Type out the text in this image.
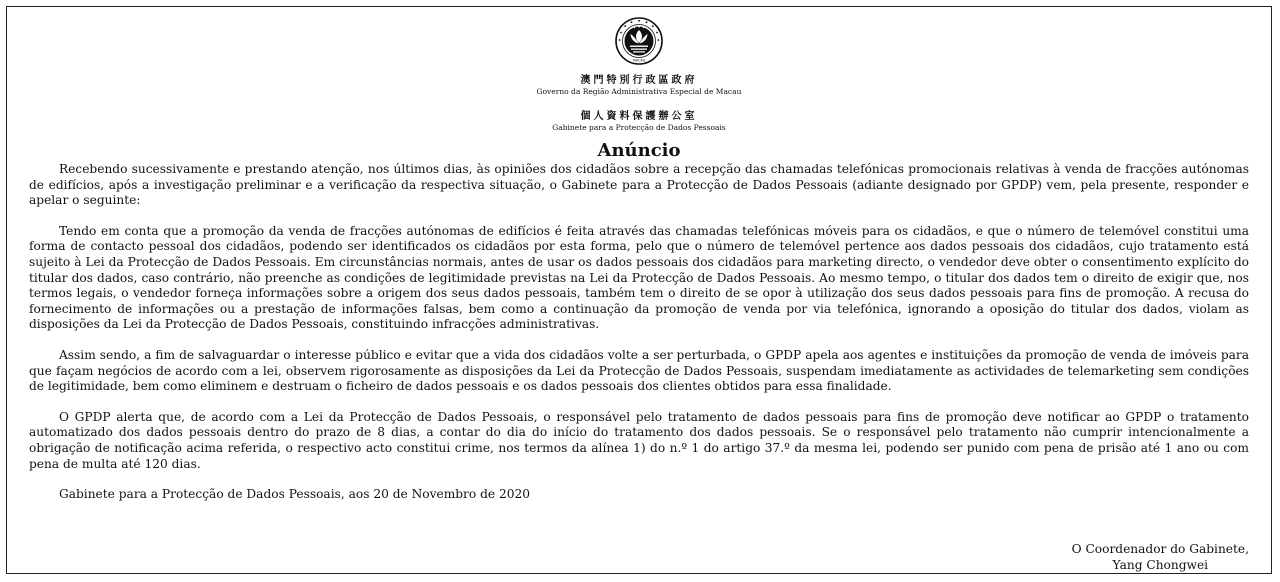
MACAU
澳門特別行政區政府
Governo da Região Administrativa Especial de Macau
個人資料保護辦公室
Gabinete para a Protecção de Dados Pessoais
Anúncio

Recebendo sucessivamente e prestando atenção, nos últimos dias, às opiniões dos cidadãos sobre a recepção das chamadas telefónicas promocionais relativas à venda de fracções autónomas de edifícios, após a investigação preliminar e a verificação da respectiva situação, o Gabinete para a Protecção de Dados Pessoais (adiante designado por GPDP) vem, pela presente, responder e apelar o seguinte:

Tendo em conta que a promoção da venda de fracções autónomas de edifícios é feita através das chamadas telefónicas móveis para os cidadãos, e que o número de telemóvel constitui uma forma de contacto pessoal dos cidadãos, podendo ser identificados os cidadãos por esta forma, pelo que o número de telemóvel pertence aos dados pessoais dos cidadãos, cujo tratamento está sujeito à Lei da Protecção de Dados Pessoais. Em circunstâncias normais, antes de usar os dados pessoais dos cidadãos para marketing directo, o vendedor deve obter o consentimento explícito do titular dos dados, caso contrário, não preenche as condições de legitimidade previstas na Lei da Protecção de Dados Pessoais. Ao mesmo tempo, o titular dos dados tem o direito de exigir que, nos termos legais, o vendedor forneça informações sobre a origem dos seus dados pessoais, também tem o direito de se opor à utilização dos seus dados pessoais para fins de promoção. A recusa do fornecimento de informações ou a prestação de informações falsas, bem como a continuação da promoção de venda por via telefónica, ignorando a oposição do titular dos dados, violam as disposições da Lei da Protecção de Dados Pessoais, constituindo infracções administrativas.

Assim sendo, a fim de salvaguardar o interesse público e evitar que a vida dos cidadãos volte a ser perturbada, o GPDP apela aos agentes e instituições da promoção de venda de imóveis para que façam negócios de acordo com a lei, observem rigorosamente as disposições da Lei da Protecção de Dados Pessoais, suspendam imediatamente as actividades de telemarketing sem condições de legitimidade, bem como eliminem e destruam o ficheiro de dados pessoais e os dados pessoais dos clientes obtidos para essa finalidade.

O GPDP alerta que, de acordo com a Lei da Protecção de Dados Pessoais, o responsável pelo tratamento de dados pessoais para fins de promoção deve notificar ao GPDP o tratamento automatizado dos dados pessoais dentro do prazo de 8 dias, a contar do dia do início do tratamento dos dados pessoais. Se o responsável pelo tratamento não cumprir intencionalmente a obrigação de notificação acima referida, o respectivo acto constitui crime, nos termos da alínea 1) do n.º 1 do artigo 37.º da mesma lei, podendo ser punido com pena de prisão até 1 ano ou com pena de multa até 120 dias.

Gabinete para a Protecção de Dados Pessoais, aos 20 de Novembro de 2020

O Coordenador do Gabinete,
Yang Chongwei
